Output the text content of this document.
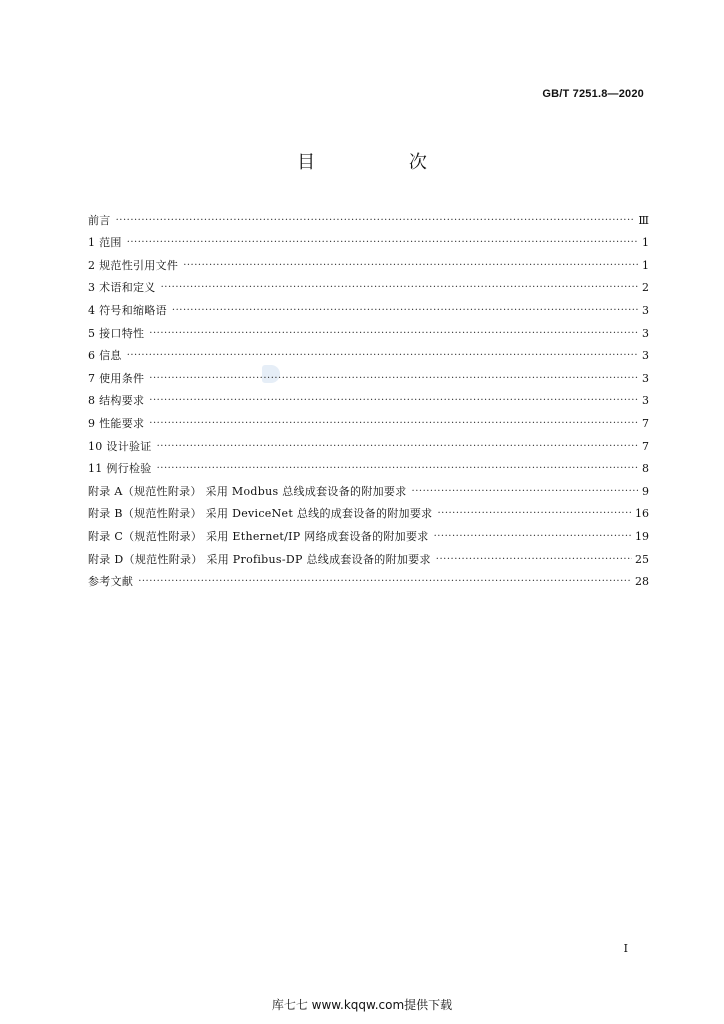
GB/T 7251.8—2020
目 次
前言 ·····	Ⅲ
1 范围 ·····	1
2 规范性引用文件 ·····	1
3 术语和定义 ·····	2
4 符号和缩略语 ·····	3
5 接口特性 ·····	3
6 信息 ·····	3
7 使用条件 ·····	3
8 结构要求 ·····	3
9 性能要求 ·····	7
10 设计验证 ·····	7
11 例行检验 ·····	8
附录 A（规范性附录） 采用 Modbus 总线成套设备的附加要求 ·····	9
附录 B（规范性附录） 采用 DeviceNet 总线的成套设备的附加要求 ·····	16
附录 C（规范性附录） 采用 Ethernet/IP 网络成套设备的附加要求 ·····	19
附录 D（规范性附录） 采用 Profibus-DP 总线成套设备的附加要求 ·····	25
参考文献 ·····	28
Ⅰ
库七七 www.kqqw.com提供下载
